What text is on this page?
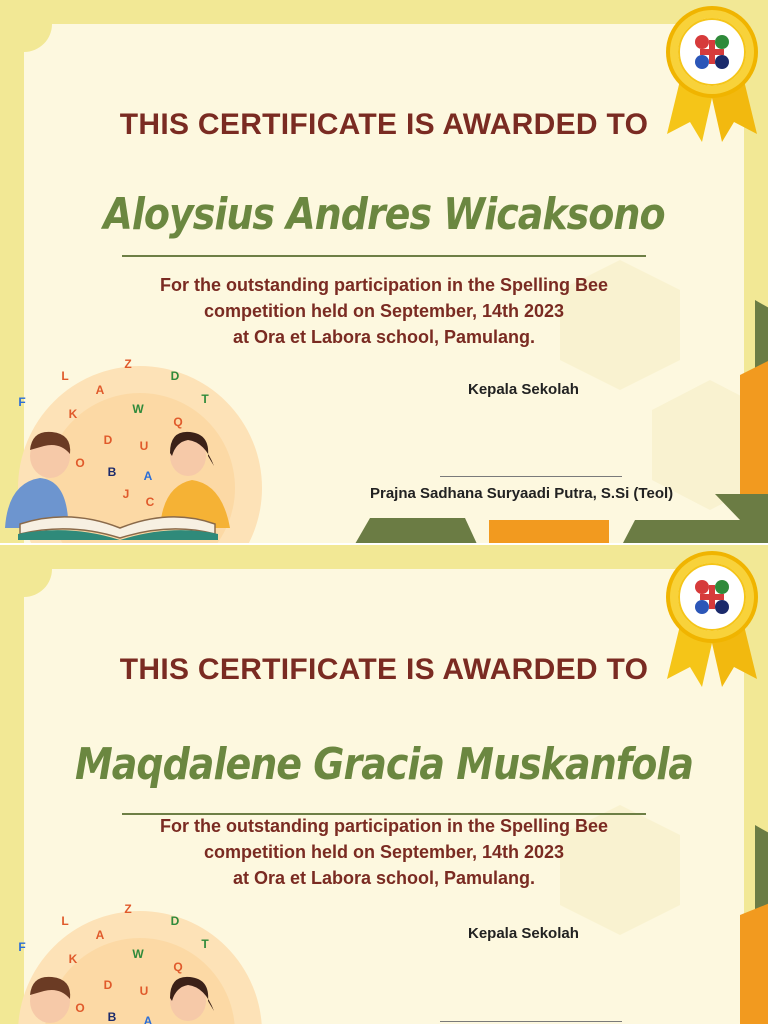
L
A
Z
D
F
K	W
Q
T
D U
O
A
B
J
C
THIS CERTIFICATE IS AWARDED TO
Aloysius Andres Wicaksono
For the outstanding participation in the Spelling Bee
competition held on September, 14th 2023
at Ora et Labora school, Pamulang.
Kepala Sekolah
Prajna Sadhana Suryaadi Putra, S.Si (Teol)
L
A
Z
D
F
K	W
Q
T
D U
O
A
B
THIS CERTIFICATE IS AWARDED TO
Maqdalene Gracia Muskanfola
For the outstanding participation in the Spelling Bee
competition held on September, 14th 2023
at Ora et Labora school, Pamulang.
Kepala Sekolah
